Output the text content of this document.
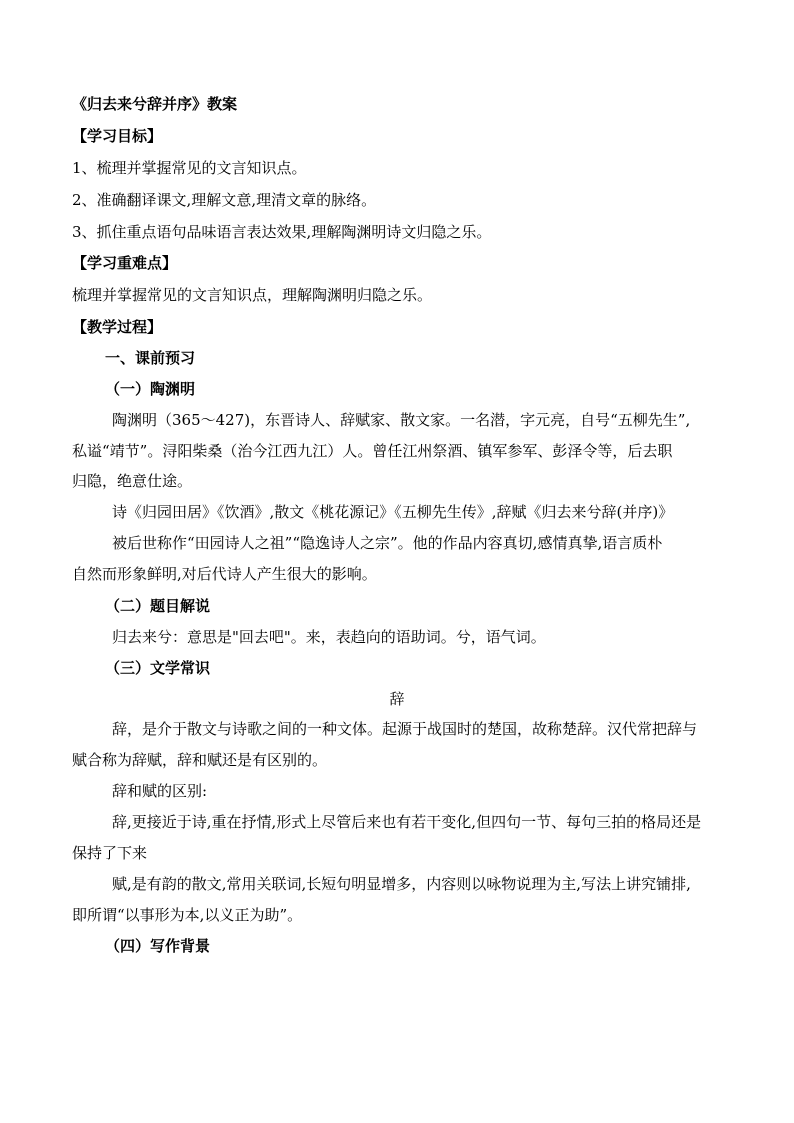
《归去来兮辞并序》教案
【学习目标】
1、梳理并掌握常见的文言知识点。
2、准确翻译课文,理解文意,理清文章的脉络。
3、抓住重点语句品味语言表达效果,理解陶渊明诗文归隐之乐。
【学习重难点】
梳理并掌握常见的文言知识点，理解陶渊明归隐之乐。
【教学过程】
一、课前预习
（一）陶渊明
陶渊明（365～427)，东晋诗人、辞赋家、散文家。一名潜，字元亮，自号“五柳先生”,
私谥“靖节”。浔阳柴桑（治今江西九江）人。曾任江州祭酒、镇军参军、彭泽令等，后去职
归隐，绝意仕途。
诗《归园田居》《饮酒》,散文《桃花源记》《五柳先生传》,辞赋《归去来兮辞(并序)》
被后世称作“田园诗人之祖”“隐逸诗人之宗”。他的作品内容真切,感情真挚,语言质朴
自然而形象鲜明,对后代诗人产生很大的影响。
（二）题目解说
归去来兮：意思是"回去吧"。来，表趋向的语助词。兮，语气词。
（三）文学常识
辞
辞，是介于散文与诗歌之间的一种文体。起源于战国时的楚国，故称楚辞。汉代常把辞与
赋合称为辞赋，辞和赋还是有区别的。
辞和赋的区别:
辞,更接近于诗,重在抒情,形式上尽管后来也有若干变化,但四句一节、每句三拍的格局还是
保持了下来
赋,是有韵的散文,常用关联词,长短句明显增多，内容则以咏物说理为主,写法上讲究铺排,
即所谓“以事形为本,以义正为助”。
（四）写作背景
